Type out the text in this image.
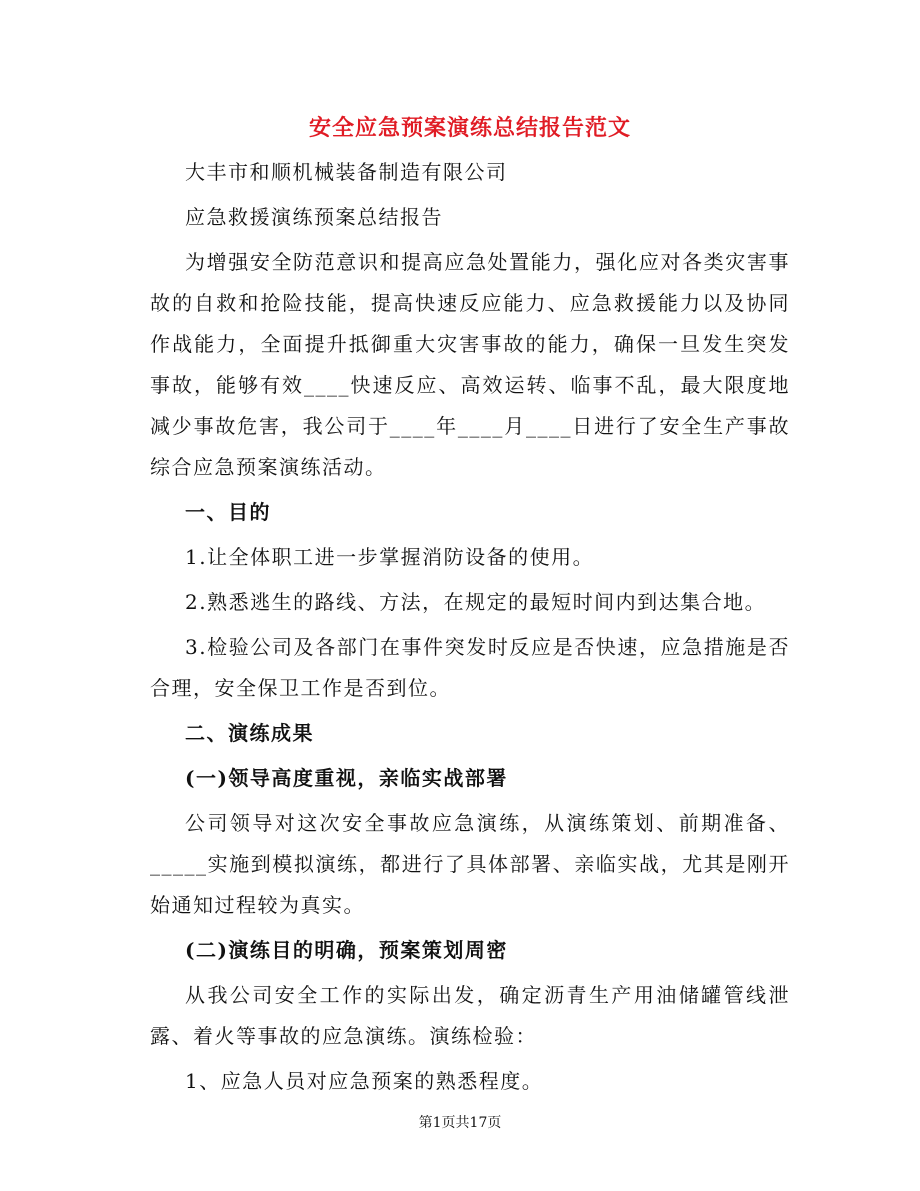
安全应急预案演练总结报告范文

大丰市和顺机械装备制造有限公司

应急救援演练预案总结报告

为增强安全防范意识和提高应急处置能力，强化应对各类灾害事故的自救和抢险技能，提高快速反应能力、应急救援能力以及协同作战能力，全面提升抵御重大灾害事故的能力，确保一旦发生突发事故，能够有效____快速反应、高效运转、临事不乱，最大限度地减少事故危害，我公司于____年____月____日进行了安全生产事故综合应急预案演练活动。

一、目的

1.让全体职工进一步掌握消防设备的使用。

2.熟悉逃生的路线、方法，在规定的最短时间内到达集合地。

3.检验公司及各部门在事件突发时反应是否快速，应急措施是否合理，安全保卫工作是否到位。

二、演练成果

(一)领导高度重视，亲临实战部署

公司领导对这次安全事故应急演练，从演练策划、前期准备、_____实施到模拟演练，都进行了具体部署、亲临实战，尤其是刚开始通知过程较为真实。

(二)演练目的明确，预案策划周密

从我公司安全工作的实际出发，确定沥青生产用油储罐管线泄露、着火等事故的应急演练。演练检验：

1、应急人员对应急预案的熟悉程度。

第1页共17页
